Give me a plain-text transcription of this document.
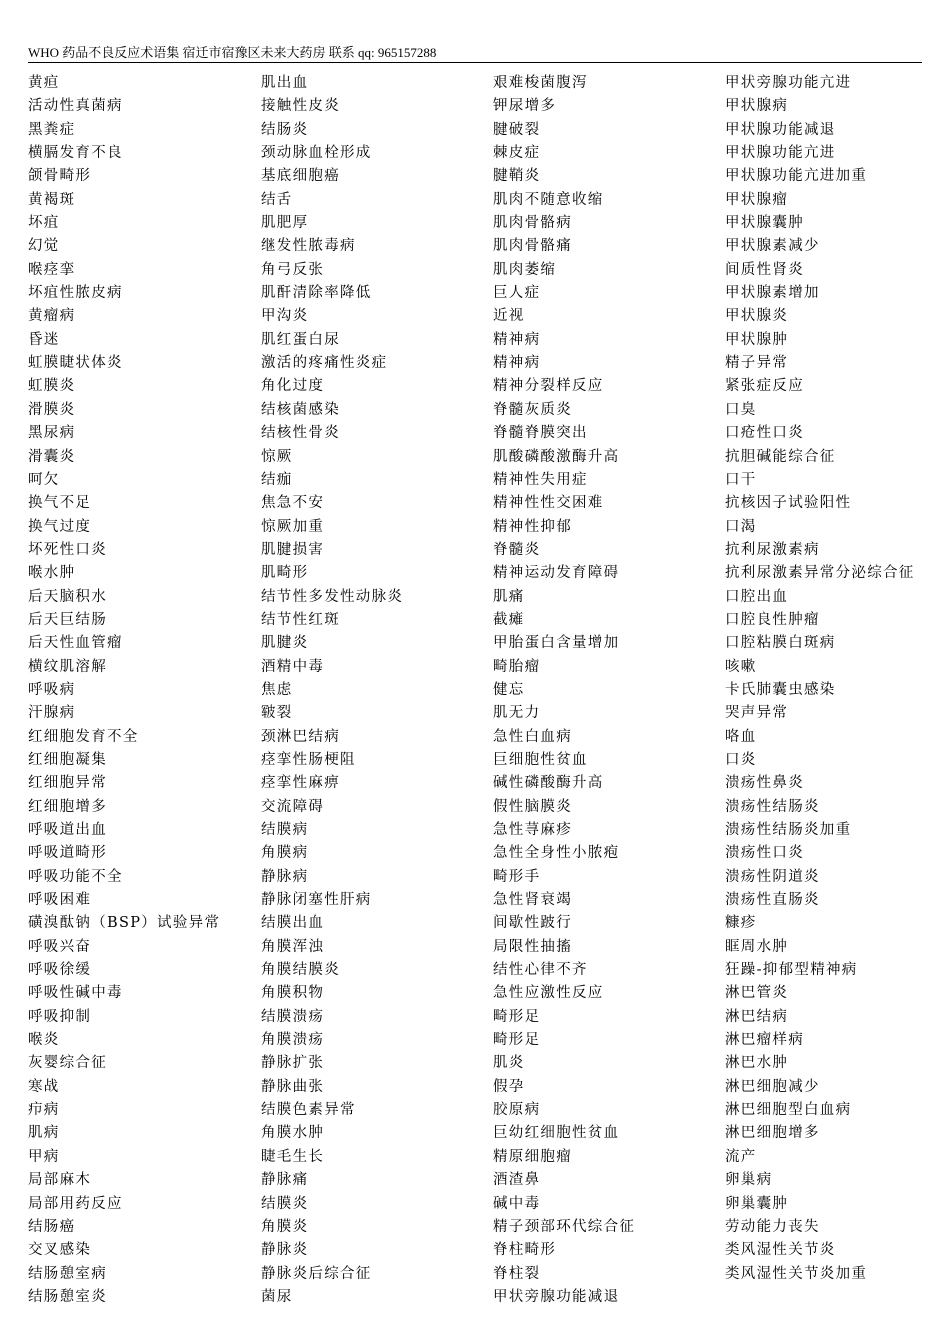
WHO 药品不良反应术语集 宿迁市宿豫区未来大药房 联系 qq: 965157288
黄疸
活动性真菌病
黑粪症
横膈发育不良
颌骨畸形
黄褐斑
坏疽
幻觉
喉痉挛
坏疽性脓皮病
黄瘤病
昏迷
虹膜睫状体炎
虹膜炎
滑膜炎
黑尿病
滑囊炎
呵欠
换气不足
换气过度
坏死性口炎
喉水肿
后天脑积水
后天巨结肠
后天性血管瘤
横纹肌溶解
呼吸病
汗腺病
红细胞发育不全
红细胞凝集
红细胞异常
红细胞增多
呼吸道出血
呼吸道畸形
呼吸功能不全
呼吸困难
磺溴酞钠（BSP）试验异常
呼吸兴奋
呼吸徐缓
呼吸性碱中毒
呼吸抑制
喉炎
灰婴综合征
寒战
疖病
肌病
甲病
局部麻木
局部用药反应
结肠癌
交叉感染
结肠憩室病
结肠憩室炎
肌出血
接触性皮炎
结肠炎
颈动脉血栓形成
基底细胞癌
结舌
肌肥厚
继发性脓毒病
角弓反张
肌酐清除率降低
甲沟炎
肌红蛋白尿
激活的疼痛性炎症
角化过度
结核菌感染
结核性骨炎
惊厥
结痂
焦急不安
惊厥加重
肌腱损害
肌畸形
结节性多发性动脉炎
结节性红斑
肌腱炎
酒精中毒
焦虑
皲裂
颈淋巴结病
痉挛性肠梗阻
痉挛性麻痹
交流障碍
结膜病
角膜病
静脉病
静脉闭塞性肝病
结膜出血
角膜浑浊
角膜结膜炎
角膜积物
结膜溃疡
角膜溃疡
静脉扩张
静脉曲张
结膜色素异常
角膜水肿
睫毛生长
静脉痛
结膜炎
角膜炎
静脉炎
静脉炎后综合征
菌尿
艰难梭菌腹泻
钾尿增多
腱破裂
棘皮症
腱鞘炎
肌肉不随意收缩
肌肉骨骼病
肌肉骨骼痛
肌肉萎缩
巨人症
近视
精神病
精神病
精神分裂样反应
脊髓灰质炎
脊髓脊膜突出
肌酸磷酸激酶升高
精神性失用症
精神性性交困难
精神性抑郁
脊髓炎
精神运动发育障碍
肌痛
截瘫
甲胎蛋白含量增加
畸胎瘤
健忘
肌无力
急性白血病
巨细胞性贫血
碱性磷酸酶升高
假性脑膜炎
急性荨麻疹
急性全身性小脓疱
畸形手
急性肾衰竭
间歇性跛行
局限性抽搐
结性心律不齐
急性应激性反应
畸形足
畸形足
肌炎
假孕
胶原病
巨幼红细胞性贫血
精原细胞瘤
酒渣鼻
碱中毒
精子颈部环代综合征
脊柱畸形
脊柱裂
甲状旁腺功能减退
甲状旁腺功能亢进
甲状腺病
甲状腺功能减退
甲状腺功能亢进
甲状腺功能亢进加重
甲状腺瘤
甲状腺囊肿
甲状腺素减少
间质性肾炎
甲状腺素增加
甲状腺炎
甲状腺肿
精子异常
紧张症反应
口臭
口疮性口炎
抗胆碱能综合征
口干
抗核因子试验阳性
口渴
抗利尿激素病
抗利尿激素异常分泌综合征
口腔出血
口腔良性肿瘤
口腔粘膜白斑病
咳嗽
卡氏肺囊虫感染
哭声异常
咯血
口炎
溃疡性鼻炎
溃疡性结肠炎
溃疡性结肠炎加重
溃疡性口炎
溃疡性阴道炎
溃疡性直肠炎
糠疹
眶周水肿
狂躁-抑郁型精神病
淋巴管炎
淋巴结病
淋巴瘤样病
淋巴水肿
淋巴细胞减少
淋巴细胞型白血病
淋巴细胞增多
流产
卵巢病
卵巢囊肿
劳动能力丧失
类风湿性关节炎
类风湿性关节炎加重
